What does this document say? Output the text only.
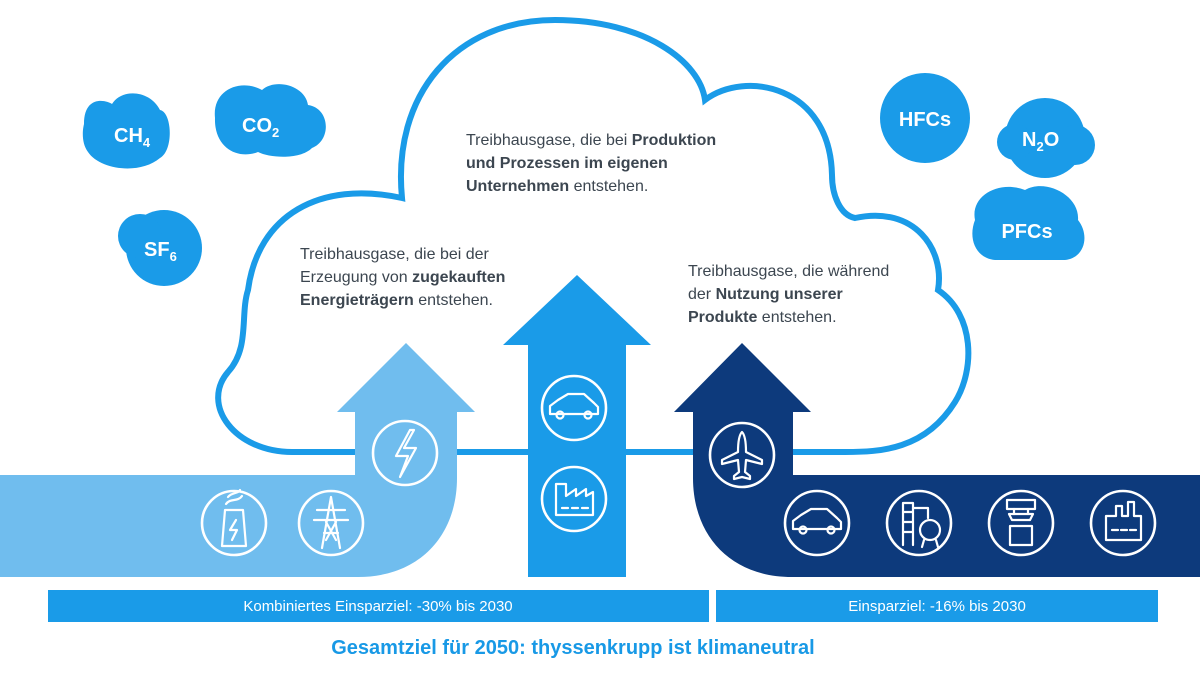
$CH_4$
$CO_2$
$SF_6$
HFCs
$N_2O$
PFCs
Treibhausgase, die bei Produktion
und Prozessen im eigenen
Unternehmen entstehen.
Treibhausgase, die bei der
Erzeugung von zugekauften
Energieträgern entstehen.
Treibhausgase, die während
der Nutzung unserer
Produkte entstehen.
Kombiniertes Einsparziel: -30% bis 2030	Einsparziel: -16% bis 2030
Gesamtziel für 2050: thyssenkrupp ist klimaneutral
